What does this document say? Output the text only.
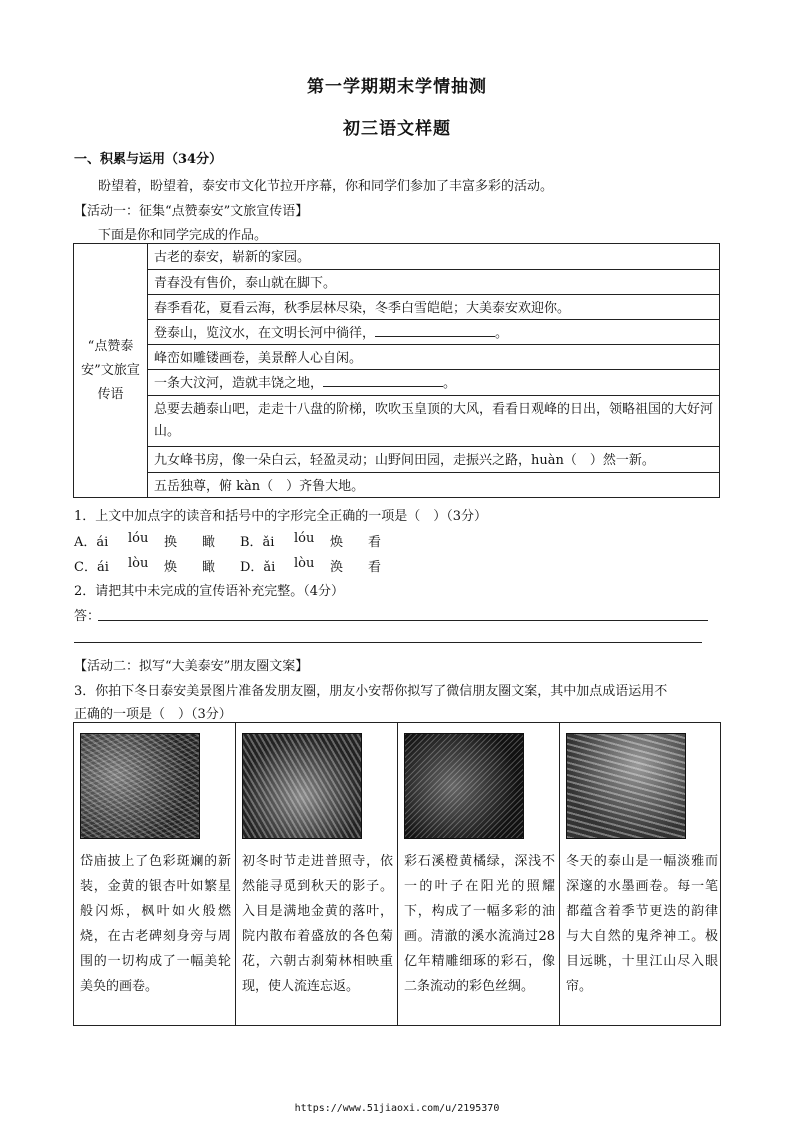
第一学期期末学情抽测
初三语文样题
一、积累与运用（34分）
盼望着，盼望着，泰安市文化节拉开序幕，你和同学们参加了丰富多彩的活动。
【活动一：征集“点赞泰安”文旅宣传语】
下面是你和同学完成的作品。
“点赞泰安”文旅宣传语
古老的泰安，崭新的家园。
青春没有售价，泰山就在脚下。
春季看花，夏看云海，秋季层林尽染，冬季白雪皑皑；大美泰安欢迎你。
登泰山，览汶水，在文明长河中徜徉，	。
峰峦如雕镂画卷，美景醉人心自闲。
一条大汶河，造就丰饶之地，	。
总要去趟泰山吧，走走十八盘的阶梯，吹吹玉皇顶的大风，看看日观峰的日出，领略祖国的大好河山。
九女峰书房，像一朵白云，轻盈灵动；山野间田园，走振兴之路，huàn（　）然一新。
五岳独尊，俯 kàn（　）齐鲁大地。
1．上文中加点字的读音和括号中的字形完全正确的一项是（　）（3分）
A．ái lóu 换 瞰 B．ǎi lóu 焕 看
C．ái lòu 焕 瞰 D．ǎi lòu 涣 看
2．请把其中未完成的宣传语补充完整。（4分）
答：
【活动二：拟写“大美泰安”朋友圈文案】
3．你拍下冬日泰安美景图片准备发朋友圈，朋友小安帮你拟写了微信朋友圈文案，其中加点成语运用不
正确的一项是（　）（3分）
岱庙披上了色彩斑斓的新装，金黄的银杏叶如繁星般闪烁，枫叶如火般燃烧，在古老碑刻身旁与周围的一切构成了一幅美轮美奂的画卷。
初冬时节走进普照寺，依然能寻觅到秋天的影子。入目是满地金黄的落叶，院内散布着盛放的各色菊花，六朝古刹菊林相映重现，使人流连忘返。
彩石溪橙黄橘绿，深浅不一的叶子在阳光的照耀下，构成了一幅多彩的油画。清澈的溪水流淌过28亿年精雕细琢的彩石，像二条流动的彩色丝绸。
冬天的泰山是一幅淡雅而深邃的水墨画卷。每一笔都蕴含着季节更迭的韵律与大自然的鬼斧神工。极目远眺，十里江山尽入眼帘。
https://www.51jiaoxi.com/u/2195370
